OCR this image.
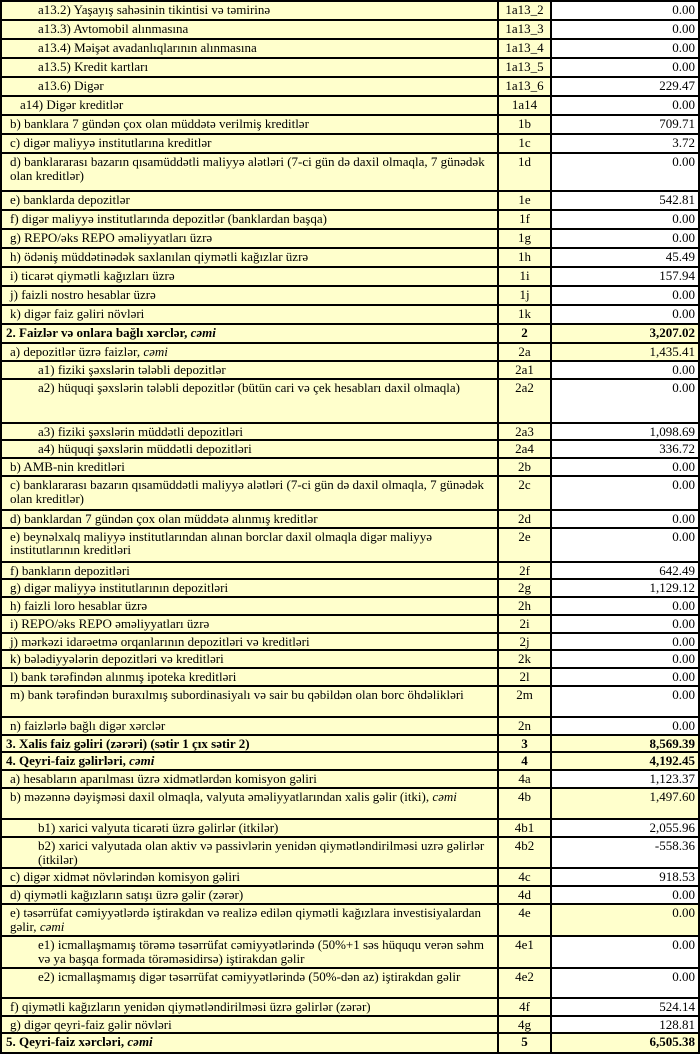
a13.2) Yaşayış sahəsinin tikintisi və təmirinə	1a13_2	0.00
a13.3) Avtomobil alınmasına	1a13_3	0.00
a13.4) Məişət avadanlıqlarının alınmasına	1a13_4	0.00
a13.5) Kredit kartları	1a13_5	0.00
a13.6) Digər	1a13_6	229.47
a14) Digər kreditlər	1a14	0.00
b) banklara 7 gündən çox olan müddətə verilmiş kreditlər	1b	709.71
c) digər maliyyə institutlarına kreditlər	1c	3.72
d) banklararası bazarın qısamüddətli maliyyə alətləri (7-ci gün də daxil olmaqla, 7 günədək olan kreditlər)	1d	0.00
e) banklarda depozitlər	1e	542.81
f) digər maliyyə institutlarında depozitlər (banklardan başqa)	1f	0.00
g) REPO/əks REPO əməliyyatları üzrə	1g	0.00
h) ödəniş müddətinədək saxlanılan qiymətli kağızlar üzrə	1h	45.49
i) ticarət qiymətli kağızları üzrə	1i	157.94
j) faizli nostro hesablar üzrə	1j	0.00
k) digər faiz gəliri növləri	1k	0.00
2. Faizlər və onlara bağlı xərclər, cəmi	2	3,207.02
a) depozitlər üzrə faizlər, cəmi	2a	1,435.41
a1) fiziki şəxslərin tələbli depozitlər	2a1	0.00
a2) hüquqi şəxslərin tələbli depozitlər (bütün cari və çek hesabları daxil olmaqla)	2a2	0.00
a3) fiziki şəxslərin müddətli depozitləri	2a3	1,098.69
a4) hüquqi şəxslərin müddətli depozitləri	2a4	336.72
b) AMB-nin kreditləri	2b	0.00
c) banklararası bazarın qısamüddətli maliyyə alətləri (7-ci gün də daxil olmaqla, 7 günədək olan kreditlər)	2c	0.00
d) banklardan 7 gündən çox olan müddətə alınmış kreditlər	2d	0.00
e) beynəlxalq maliyyə institutlarından alınan borclar daxil olmaqla digər maliyyə institutlarının kreditləri	2e	0.00
f) bankların depozitləri	2f	642.49
g) digər maliyyə institutlarının depozitləri	2g	1,129.12
h) faizli loro hesablar üzrə	2h	0.00
i) REPO/əks REPO əməliyyatları üzrə	2i	0.00
j) mərkəzi idarəetmə orqanlarının depozitləri və kreditləri	2j	0.00
k) bələdiyyələrin depozitləri və kreditləri	2k	0.00
l) bank tərəfindən alınmış ipoteka kreditləri	2l	0.00
m) bank tərəfindən buraxılmış subordinasiyalı və sair bu qəbildən olan borc öhdəlikləri	2m	0.00
n) faizlərlə bağlı digər xərclər	2n	0.00
3. Xalis faiz gəliri (zərəri) (sətir 1 çıx sətir 2)	3	8,569.39
4. Qeyri-faiz gəlirləri, cəmi	4	4,192.45
a) hesabların aparılması üzrə xidmətlərdən komisyon gəliri	4a	1,123.37
b) məzənnə dəyişməsi daxil olmaqla, valyuta əməliyyatlarından xalis gəlir (itki), cəmi	4b	1,497.60
b1) xarici valyuta ticarəti üzrə gəlirlər (itkilər)	4b1	2,055.96
b2) xarici valyutada olan aktiv və passivlərin yenidən qiymətləndirilməsi uzrə gəlirlər (itkilər)	4b2	-558.36
c) digər xidmət növlərindən komisyon gəliri	4c	918.53
d) qiymətli kağızların satışı üzrə gəlir (zərər)	4d	0.00
e) təsərrüfat cəmiyyətlərdə iştirakdan və realizə edilən qiymətli kağızlara investisiyalardan gəlir, cəmi	4e	0.00
e1) icmallaşmamış törəmə təsərrüfat cəmiyyətlərində (50%+1 səs hüququ verən səhm və ya başqa formada törəməsidirsə) iştirakdan gəlir	4e1	0.00
e2) icmallaşmamış digər təsərrüfat cəmiyyətlərində (50%-dən az) iştirakdan gəlir	4e2	0.00
f) qiymətli kağızların yenidən qiymətləndirilməsi üzrə gəlirlər (zərər)	4f	524.14
g) digər qeyri-faiz gəlir növləri	4g	128.81
5. Qeyri-faiz xərcləri, cəmi	5	6,505.38
